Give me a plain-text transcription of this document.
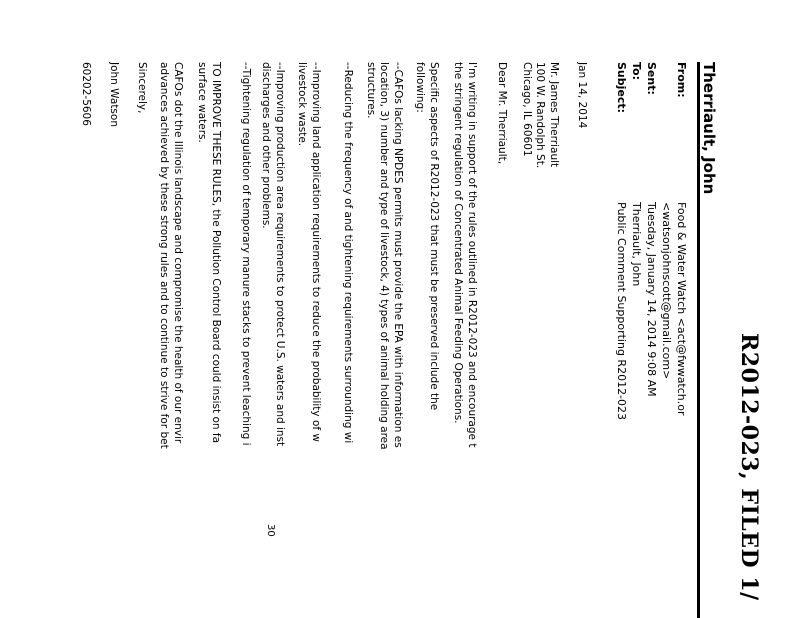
R2012-023, FILED 1/
Therriault, John
From:
Food & Water Watch <act@fwwatch.or
<watsonjohnscott@gmail.com>
Sent:
Tuesday, January 14, 2014 9:08 AM
To:
Therriault, John
Subject:
Public Comment Supporting R2012-023
Jan 14, 2014
Mr. James Therriault
100 W. Randolph St.
Chicago, IL 60601
Dear Mr. Therriault,
I'm writing in support of the rules outlined in R2012-023 and encourage t
the stringent regulation of Concentrated Animal Feeding Operations.
Specific aspects of R2012-023 that must be preserved include the
following:
--CAFOs lacking NPDES permits must provide the EPA with information es
location, 3) number and type of livestock, 4) types of animal holding area
structures.
--Reducing the frequency of and tightening requirements surrounding wi
--Improving land application requirements to reduce the probability of w
livestock waste.
--Improving production area requirements to protect U.S. waters and inst
discharges and other problems.
--Tightening regulation of temporary manure stacks to prevent leaching i
TO IMPROVE THESE RULES, the Pollution Control Board could insist on fa
surface waters.
CAFOs dot the Illinois landscape and compromise the health of our envir
advances achieved by these strong rules and to continue to strive for bet
Sincerely,
John Watson
60202-5606
30
